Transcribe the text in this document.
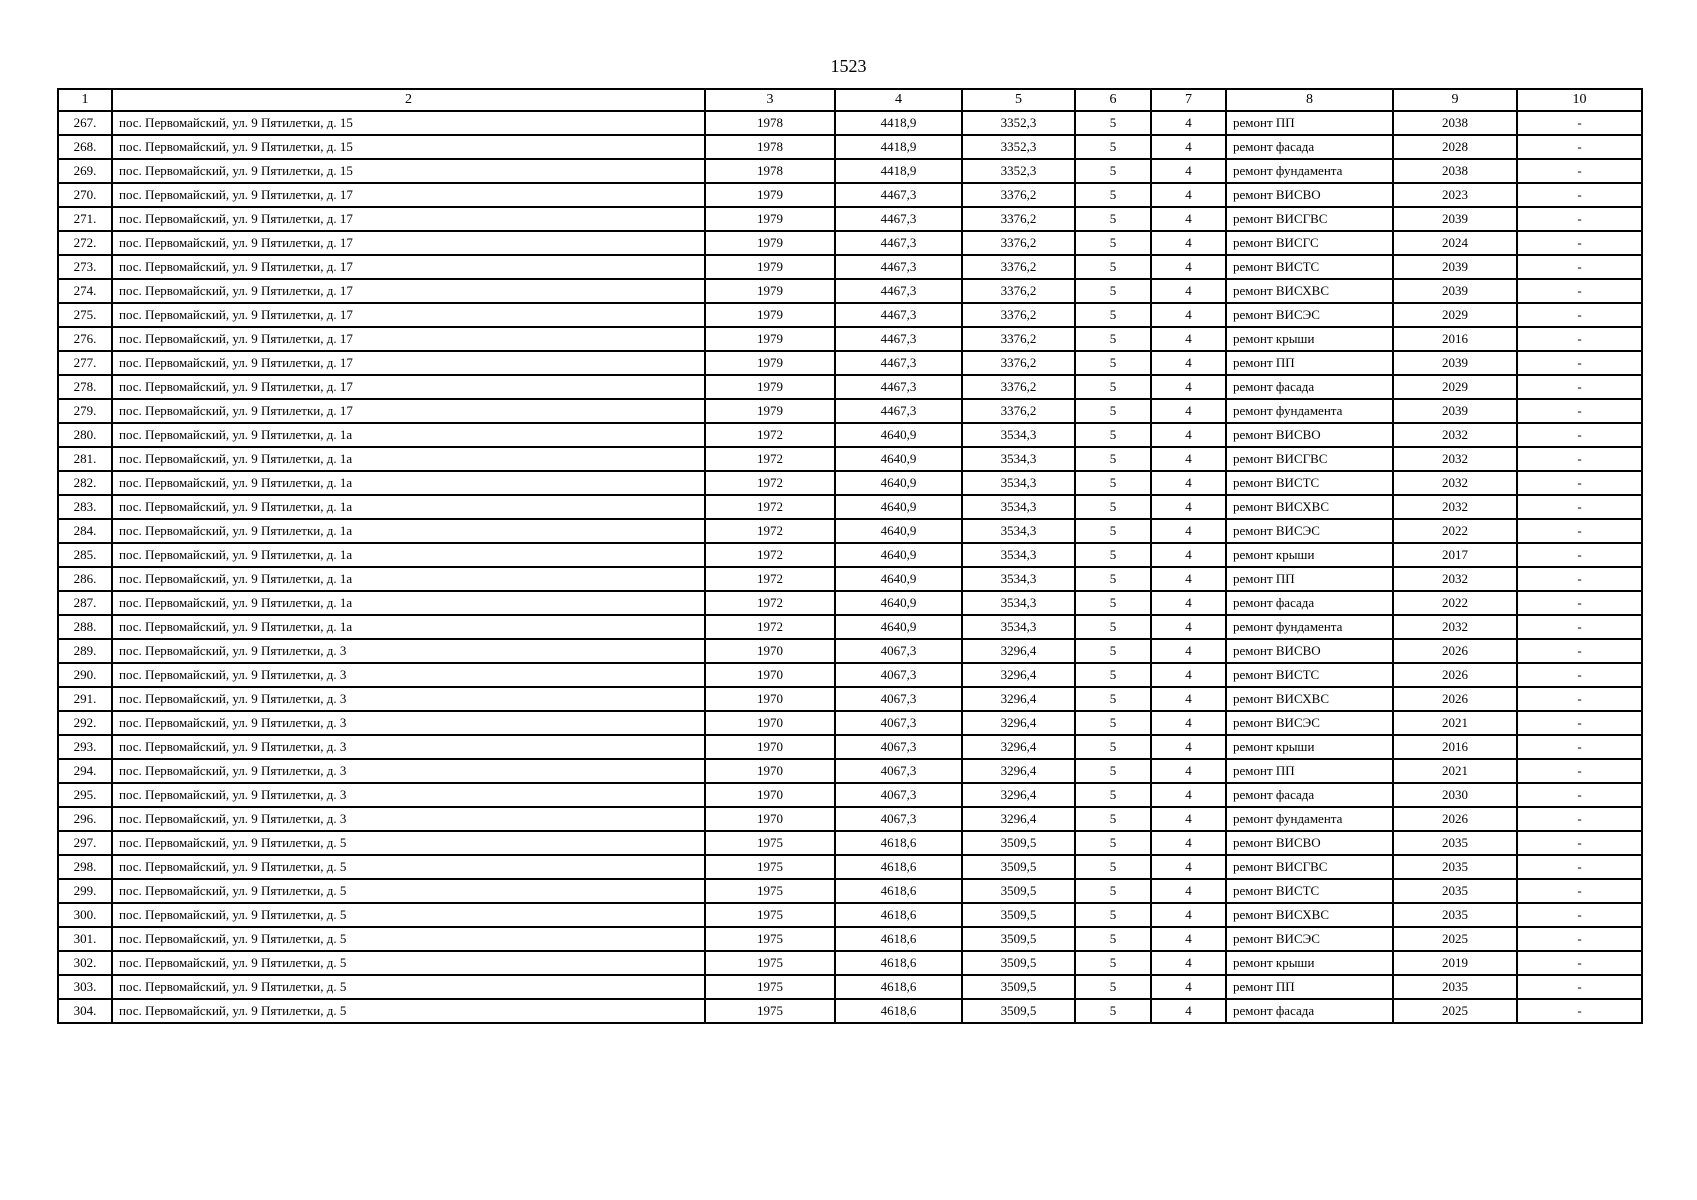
1523
1	2	3	4	5	6	7	8	9	10
267.	пос. Первомайский, ул. 9 Пятилетки, д. 15	1978	4418,9	3352,3	5	4	ремонт ПП	2038	-
268.	пос. Первомайский, ул. 9 Пятилетки, д. 15	1978	4418,9	3352,3	5	4	ремонт фасада	2028	-
269.	пос. Первомайский, ул. 9 Пятилетки, д. 15	1978	4418,9	3352,3	5	4	ремонт фундамента	2038	-
270.	пос. Первомайский, ул. 9 Пятилетки, д. 17	1979	4467,3	3376,2	5	4	ремонт ВИСВО	2023	-
271.	пос. Первомайский, ул. 9 Пятилетки, д. 17	1979	4467,3	3376,2	5	4	ремонт ВИСГВС	2039	-
272.	пос. Первомайский, ул. 9 Пятилетки, д. 17	1979	4467,3	3376,2	5	4	ремонт ВИСГС	2024	-
273.	пос. Первомайский, ул. 9 Пятилетки, д. 17	1979	4467,3	3376,2	5	4	ремонт ВИСТС	2039	-
274.	пос. Первомайский, ул. 9 Пятилетки, д. 17	1979	4467,3	3376,2	5	4	ремонт ВИСХВС	2039	-
275.	пос. Первомайский, ул. 9 Пятилетки, д. 17	1979	4467,3	3376,2	5	4	ремонт ВИСЭС	2029	-
276.	пос. Первомайский, ул. 9 Пятилетки, д. 17	1979	4467,3	3376,2	5	4	ремонт крыши	2016	-
277.	пос. Первомайский, ул. 9 Пятилетки, д. 17	1979	4467,3	3376,2	5	4	ремонт ПП	2039	-
278.	пос. Первомайский, ул. 9 Пятилетки, д. 17	1979	4467,3	3376,2	5	4	ремонт фасада	2029	-
279.	пос. Первомайский, ул. 9 Пятилетки, д. 17	1979	4467,3	3376,2	5	4	ремонт фундамента	2039	-
280.	пос. Первомайский, ул. 9 Пятилетки, д. 1а	1972	4640,9	3534,3	5	4	ремонт ВИСВО	2032	-
281.	пос. Первомайский, ул. 9 Пятилетки, д. 1а	1972	4640,9	3534,3	5	4	ремонт ВИСГВС	2032	-
282.	пос. Первомайский, ул. 9 Пятилетки, д. 1а	1972	4640,9	3534,3	5	4	ремонт ВИСТС	2032	-
283.	пос. Первомайский, ул. 9 Пятилетки, д. 1а	1972	4640,9	3534,3	5	4	ремонт ВИСХВС	2032	-
284.	пос. Первомайский, ул. 9 Пятилетки, д. 1а	1972	4640,9	3534,3	5	4	ремонт ВИСЭС	2022	-
285.	пос. Первомайский, ул. 9 Пятилетки, д. 1а	1972	4640,9	3534,3	5	4	ремонт крыши	2017	-
286.	пос. Первомайский, ул. 9 Пятилетки, д. 1а	1972	4640,9	3534,3	5	4	ремонт ПП	2032	-
287.	пос. Первомайский, ул. 9 Пятилетки, д. 1а	1972	4640,9	3534,3	5	4	ремонт фасада	2022	-
288.	пос. Первомайский, ул. 9 Пятилетки, д. 1а	1972	4640,9	3534,3	5	4	ремонт фундамента	2032	-
289.	пос. Первомайский, ул. 9 Пятилетки, д. 3	1970	4067,3	3296,4	5	4	ремонт ВИСВО	2026	-
290.	пос. Первомайский, ул. 9 Пятилетки, д. 3	1970	4067,3	3296,4	5	4	ремонт ВИСТС	2026	-
291.	пос. Первомайский, ул. 9 Пятилетки, д. 3	1970	4067,3	3296,4	5	4	ремонт ВИСХВС	2026	-
292.	пос. Первомайский, ул. 9 Пятилетки, д. 3	1970	4067,3	3296,4	5	4	ремонт ВИСЭС	2021	-
293.	пос. Первомайский, ул. 9 Пятилетки, д. 3	1970	4067,3	3296,4	5	4	ремонт крыши	2016	-
294.	пос. Первомайский, ул. 9 Пятилетки, д. 3	1970	4067,3	3296,4	5	4	ремонт ПП	2021	-
295.	пос. Первомайский, ул. 9 Пятилетки, д. 3	1970	4067,3	3296,4	5	4	ремонт фасада	2030	-
296.	пос. Первомайский, ул. 9 Пятилетки, д. 3	1970	4067,3	3296,4	5	4	ремонт фундамента	2026	-
297.	пос. Первомайский, ул. 9 Пятилетки, д. 5	1975	4618,6	3509,5	5	4	ремонт ВИСВО	2035	-
298.	пос. Первомайский, ул. 9 Пятилетки, д. 5	1975	4618,6	3509,5	5	4	ремонт ВИСГВС	2035	-
299.	пос. Первомайский, ул. 9 Пятилетки, д. 5	1975	4618,6	3509,5	5	4	ремонт ВИСТС	2035	-
300.	пос. Первомайский, ул. 9 Пятилетки, д. 5	1975	4618,6	3509,5	5	4	ремонт ВИСХВС	2035	-
301.	пос. Первомайский, ул. 9 Пятилетки, д. 5	1975	4618,6	3509,5	5	4	ремонт ВИСЭС	2025	-
302.	пос. Первомайский, ул. 9 Пятилетки, д. 5	1975	4618,6	3509,5	5	4	ремонт крыши	2019	-
303.	пос. Первомайский, ул. 9 Пятилетки, д. 5	1975	4618,6	3509,5	5	4	ремонт ПП	2035	-
304.	пос. Первомайский, ул. 9 Пятилетки, д. 5	1975	4618,6	3509,5	5	4	ремонт фасада	2025	-
